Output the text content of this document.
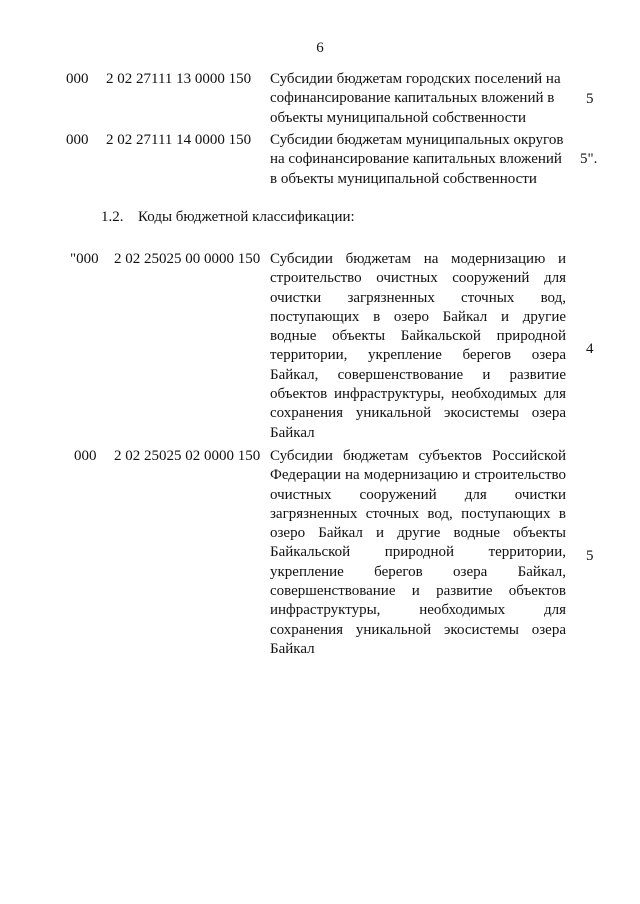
6
000 2 02 27111 13 0000 150 Субсидии бюджетам городских поселений на софинансирование капитальных вложений в объекты муниципальной собственности
5
000 2 02 27111 14 0000 150 Субсидии бюджетам муниципальных округов на софинансирование капитальных вложений в объекты муниципальной собственности
5".
1.2. Коды бюджетной классификации:
"000 2 02 25025 00 0000 150 Субсидии бюджетам на модернизацию и строительство очистных сооружений для очистки загрязненных сточных вод, поступающих в озеро Байкал и другие водные объекты Байкальской природной территории, укрепление берегов озера Байкал, совершенствование и развитие объектов инфраструктуры, необходимых для сохранения уникальной экосистемы озера Байкал
4
000 2 02 25025 02 0000 150 Субсидии бюджетам субъектов Российской Федерации на модернизацию и строительство очистных сооружений для очистки загрязненных сточных вод, поступающих в озеро Байкал и другие водные объекты Байкальской природной территории, укрепление берегов озера Байкал, совершенствование и развитие объектов инфраструктуры, необходимых для сохранения уникальной экосистемы озера Байкал
5
